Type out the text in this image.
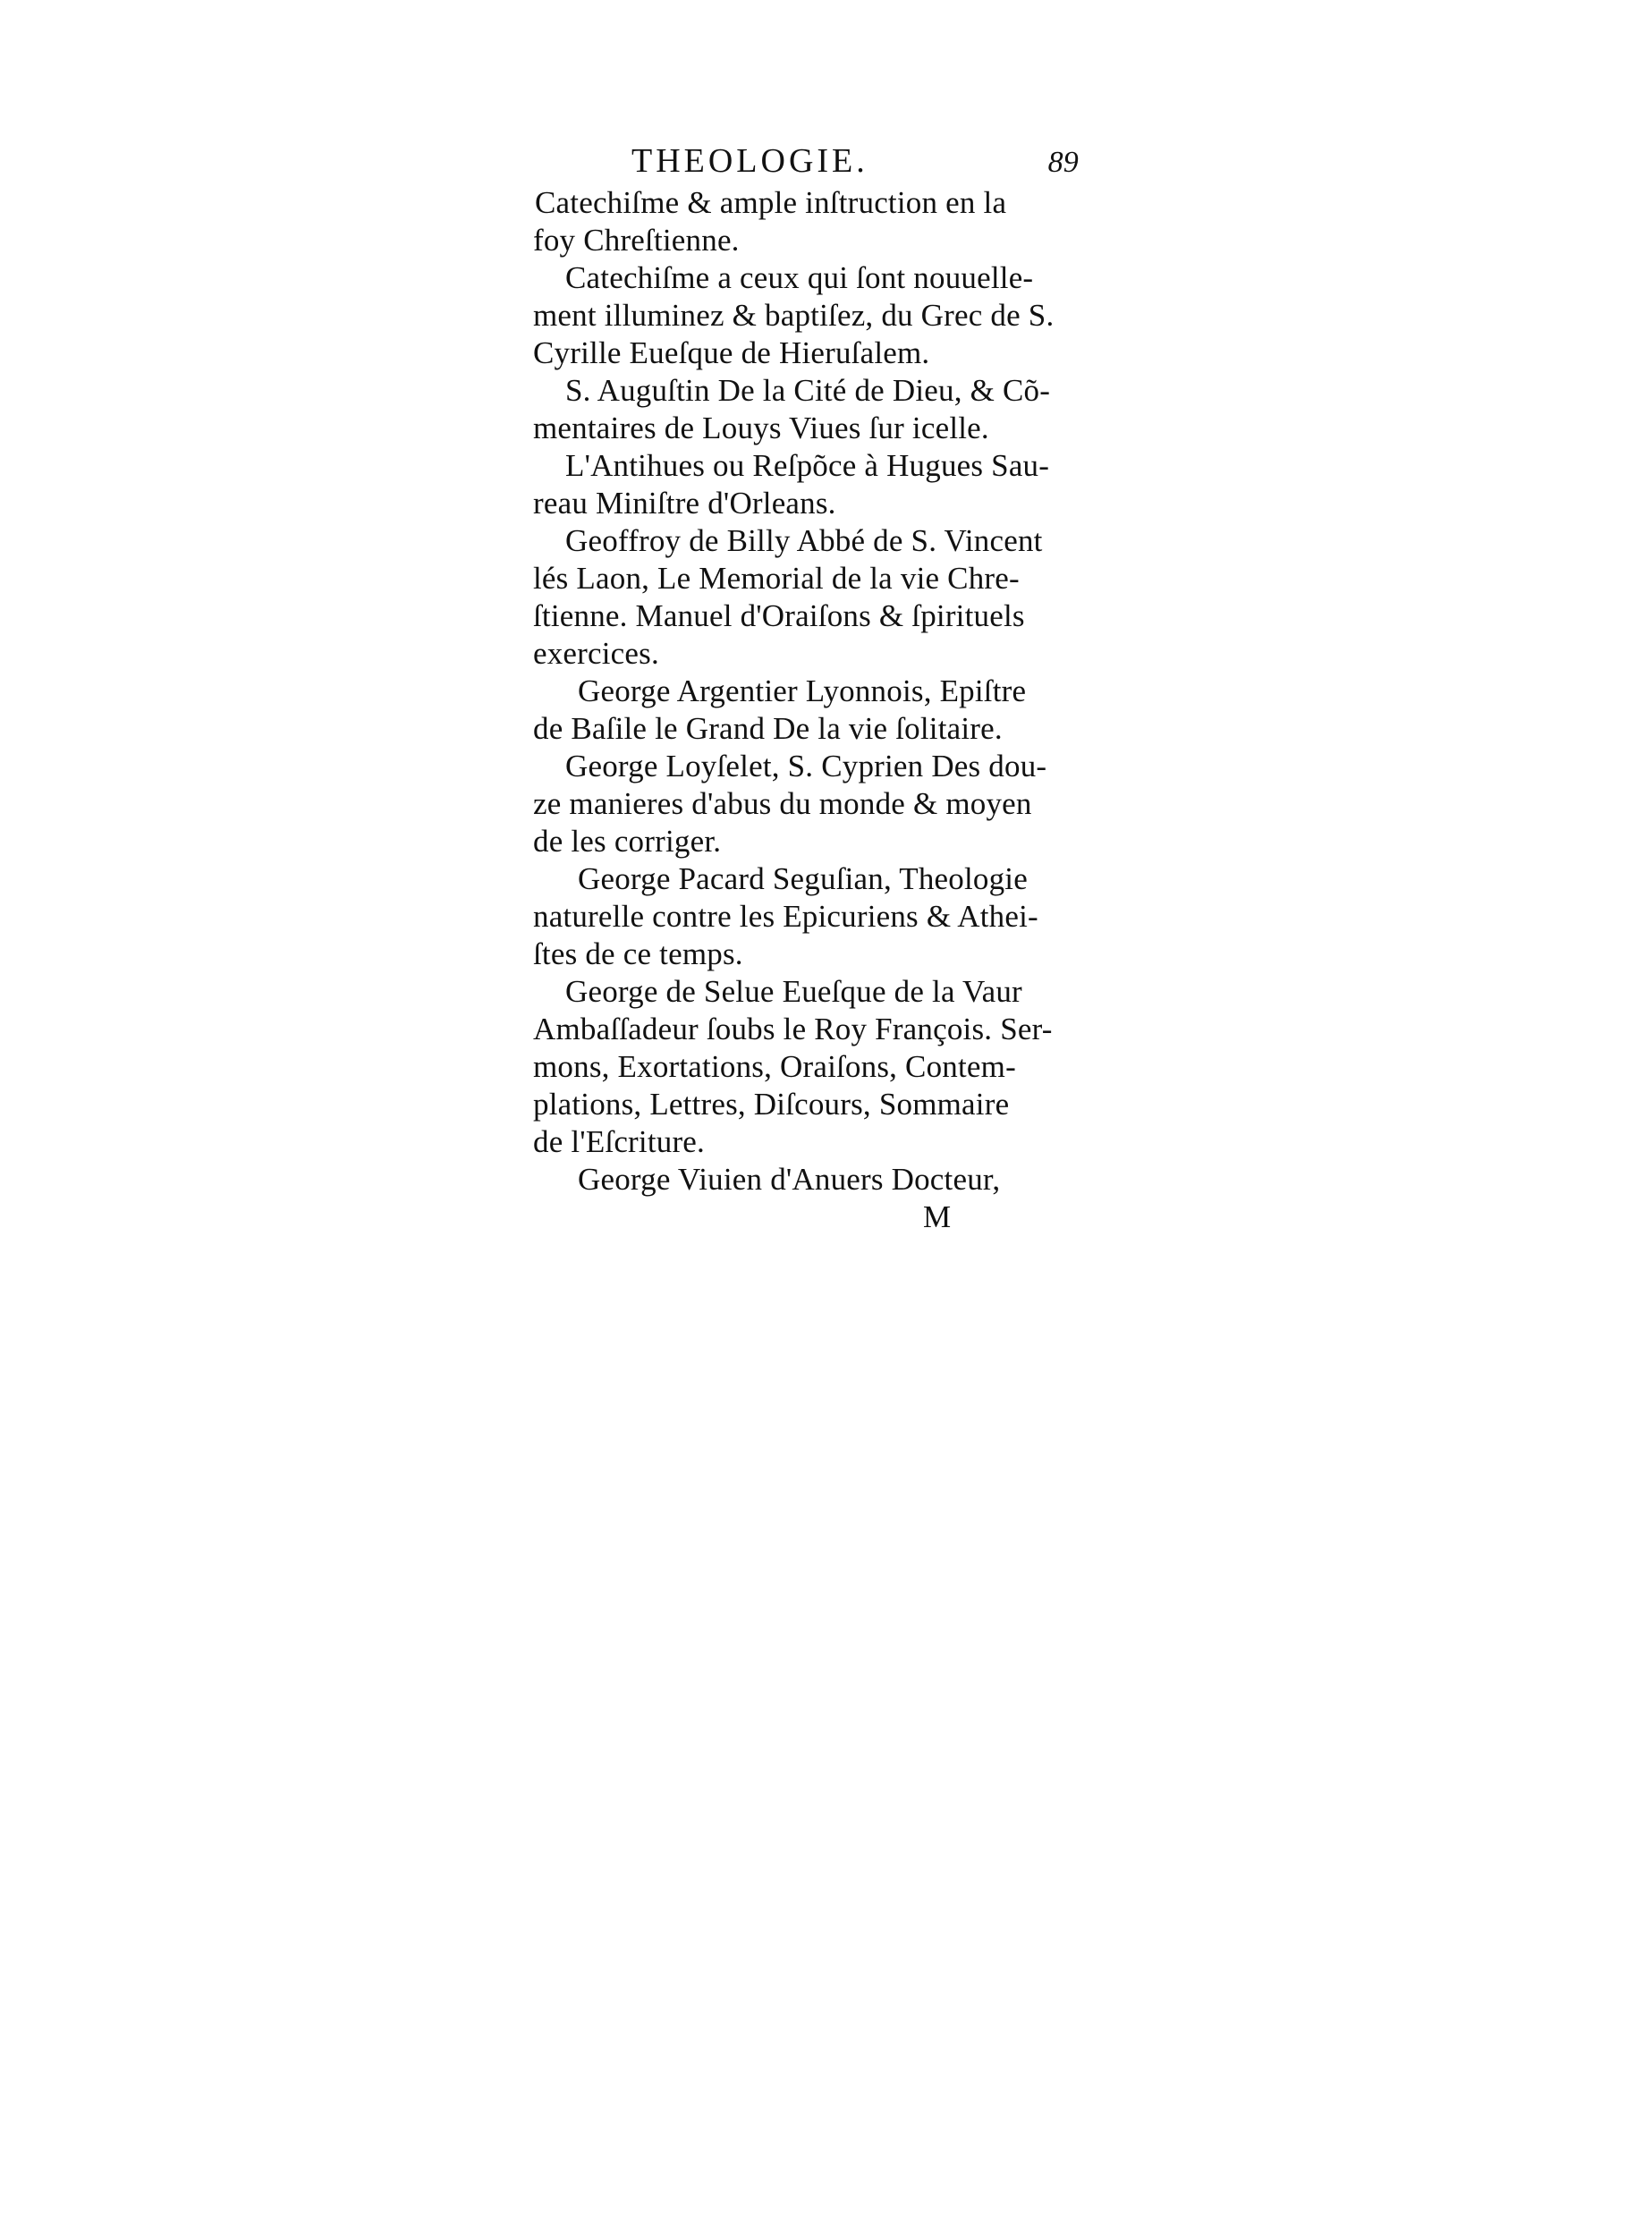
THEOLOGIE.	89
Catechiſme & ample inſtruction en la
foy Chreſtienne.
Catechiſme a ceux qui ſont nouuelle-
ment illuminez & baptiſez, du Grec de S.
Cyrille Eueſque de Hieruſalem.
S. Auguſtin De la Cité de Dieu, & Cõ-
mentaires de Louys Viues ſur icelle.
L'Antihues ou Reſpõce à Hugues Sau-
reau Miniſtre d'Orleans.
Geoffroy de Billy Abbé de S. Vincent
lés Laon, Le Memorial de la vie Chre-
ſtienne. Manuel d'Oraiſons & ſpirituels
exercices.
George Argentier Lyonnois, Epiſtre
de Baſile le Grand De la vie ſolitaire.
George Loyſelet, S. Cyprien Des dou-
ze manieres d'abus du monde & moyen
de les corriger.
George Pacard Seguſian, Theologie
naturelle contre les Epicuriens & Athei-
ſtes de ce temps.
George de Selue Eueſque de la Vaur
Ambaſſadeur ſoubs le Roy François. Ser-
mons, Exortations, Oraiſons, Contem-
plations, Lettres, Diſcours, Sommaire
de l'Eſcriture.
George Viuien d'Anuers Docteur,
M
